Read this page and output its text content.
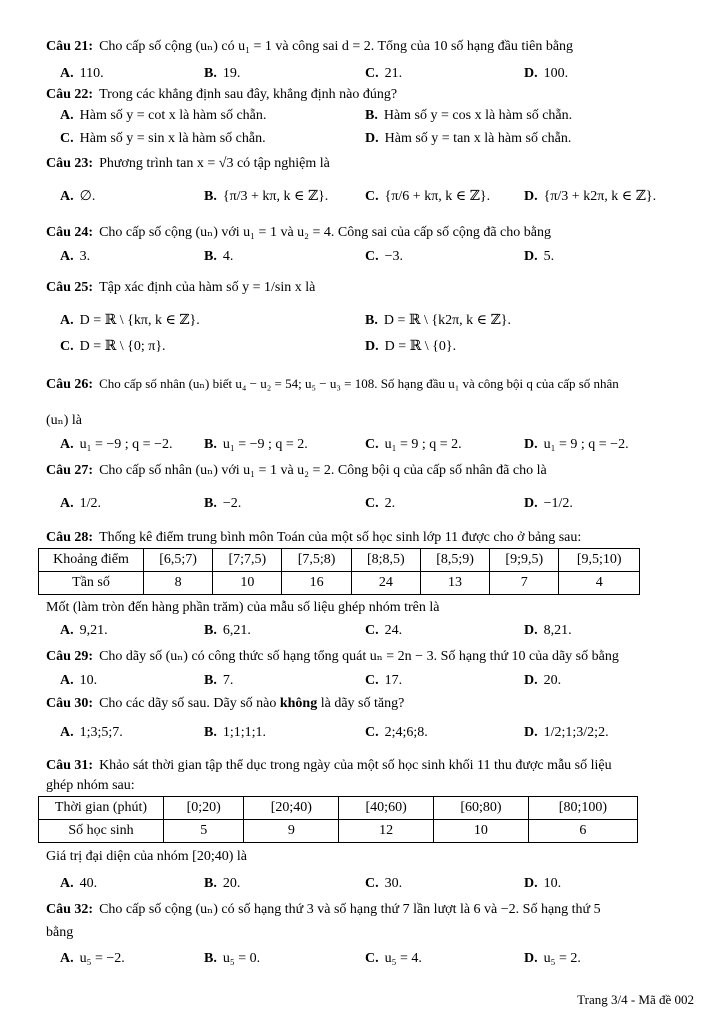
Câu 21: Cho cấp số cộng (uₙ) có u₁ = 1 và công sai d = 2. Tổng của 10 số hạng đầu tiên bằng
A. 110.	B. 19.	C. 21.	D. 100.
Câu 22: Trong các khẳng định sau đây, khẳng định nào đúng?
A. Hàm số y = cot x là hàm số chẵn.	B. Hàm số y = cos x là hàm số chẵn.
C. Hàm số y = sin x là hàm số chẵn.	D. Hàm số y = tan x là hàm số chẵn.
Câu 23: Phương trình tan x = √3 có tập nghiệm là
A. ∅.	B. {π/3 + kπ, k ∈ ℤ}.	C. {π/6 + kπ, k ∈ ℤ}. D. {π/3 + k2π, k ∈ ℤ}.
Câu 24: Cho cấp số cộng (uₙ) với u₁ = 1 và u₂ = 4. Công sai của cấp số cộng đã cho bằng
A. 3.	B. 4.	C. −3.	D. 5.
Câu 25: Tập xác định của hàm số y = 1/sin x là
A. D = ℝ \ {kπ, k ∈ ℤ}.	B. D = ℝ \ {k2π, k ∈ ℤ}.
C. D = ℝ \ {0; π}.	D. D = ℝ \ {0}.
Câu 26: Cho cấp số nhân (uₙ) biết u₄ − u₂ = 54; u₅ − u₃ = 108. Số hạng đầu u₁ và công bội q của cấp số nhân
(uₙ) là
A. u₁ = −9 ; q = −2. B. u₁ = −9 ; q = 2.	C. u₁ = 9 ; q = 2.	D. u₁ = 9 ; q = −2.
Câu 27: Cho cấp số nhân (uₙ) với u₁ = 1 và u₂ = 2. Công bội q của cấp số nhân đã cho là
A. 1/2.	B. −2.	C. 2.	D. −1/2.
Câu 28: Thống kê điểm trung bình môn Toán của một số học sinh lớp 11 được cho ở bảng sau:
Khoảng điểm	[6,5;7)	[7;7,5)	[7,5;8)	[8;8,5)	[8,5;9)	[9;9,5)	[9,5;10)
Tần số	8	10	16	24	13	7	4
Mốt (làm tròn đến hàng phần trăm) của mẫu số liệu ghép nhóm trên là
A. 9,21.	B. 6,21.	C. 24.	D. 8,21.
Câu 29: Cho dãy số (uₙ) có công thức số hạng tổng quát uₙ = 2n − 3. Số hạng thứ 10 của dãy số bằng
A. 10.	B. 7.	C. 17.	D. 20.
Câu 30: Cho các dãy số sau. Dãy số nào không là dãy số tăng?
A. 1;3;5;7.	B. 1;1;1;1.	C. 2;4;6;8.	D. 1/2;1;3/2;2.
Câu 31: Khảo sát thời gian tập thể dục trong ngày của một số học sinh khối 11 thu được mẫu số liệu
ghép nhóm sau:
Thời gian (phút)	[0;20)	[20;40)	[40;60)	[60;80)	[80;100)
Số học sinh	5	9	12	10	6
Giá trị đại diện của nhóm [20;40) là
A. 40.	B. 20.	C. 30.	D. 10.
Câu 32: Cho cấp số cộng (uₙ) có số hạng thứ 3 và số hạng thứ 7 lần lượt là 6 và −2. Số hạng thứ 5
bằng
A. u₅ = −2.	B. u₅ = 0.	C. u₅ = 4.	D. u₅ = 2.
Trang 3/4 - Mã đề 002
